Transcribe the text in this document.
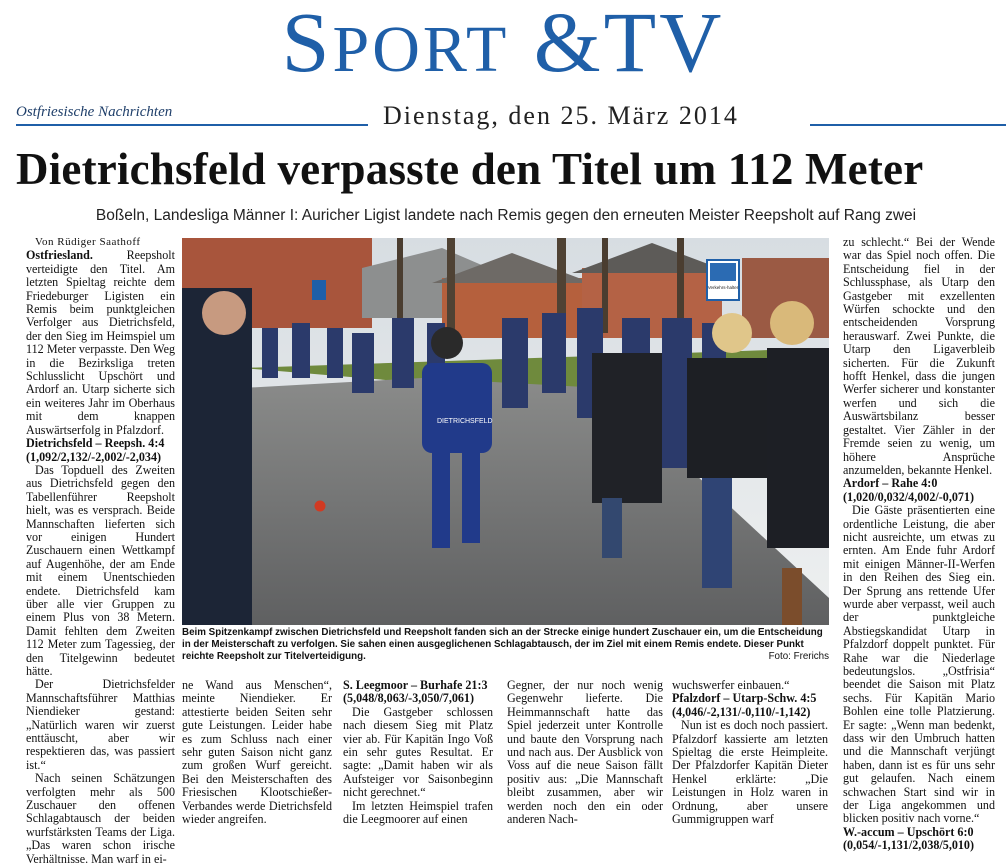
SPORT &TV
Ostfriesische Nachrichten	Dienstag, den 25. März 2014
Dietrichsfeld verpasste den Titel um 112 Meter
Boßeln, Landesliga Männer I: Auricher Ligist landete nach Remis gegen den erneuten Meister Reepsholt auf Rang zwei

Von Rüdiger Saathoff

Ostfriesland. Reepsholt verteidigte den Titel. Am letzten Spieltag reichte dem Friedeburger Ligisten ein Remis beim punktgleichen Verfolger aus Dietrichsfeld, der den Sieg im Heimspiel um 112 Meter verpasste. Den Weg in die Bezirksliga treten Schlusslicht Upschört und Ardorf an. Utarp sicherte sich ein weiteres Jahr im Oberhaus mit dem knappen Auswärtserfolg in Pfalzdorf.

Dietrichsfeld – Reepsh. 4:4

(1,092/2,132/-2,002/-2,034)

Das Topduell des Zweiten aus Dietrichsfeld gegen den Tabellenführer Reepsholt hielt, was es versprach. Beide Mannschaften lieferten sich vor einigen Hundert Zuschauern einen Wettkampf auf Augenhöhe, der am Ende mit einem Unentschieden endete. Dietrichsfeld kam über alle vier Gruppen zu einem Plus von 38 Metern. Damit fehlten dem Zweiten 112 Meter zum Tagessieg, der den Titelgewinn bedeutet hätte.

Der Dietrichsfelder Mannschaftsführer Matthias Niendieker gestand: „Natürlich waren wir zuerst enttäuscht, aber wir respektieren das, was passiert ist.“

Nach seinen Schätzungen verfolgten mehr als 500 Zuschauer den offenen Schlagabtausch der beiden wurfstärksten Teams der Liga. „Das waren schon irische Verhältnisse. Man warf in ei-

DIETRICHSFELD
Verkehrs-halter
Beim Spitzenkampf zwischen Dietrichsfeld und Reepsholt fanden sich an der Strecke einige hundert Zuschauer ein, um die Entscheidung in der Meisterschaft zu verfolgen. Sie sahen einen ausgeglichenen Schlagabtausch, der im Ziel mit einem Remis endete. Dieser Punkt reichte Reepsholt zur Titelverteidigung.	Foto: Frerichs

ne Wand aus Menschen“, meinte Niendieker. Er attestierte beiden Seiten sehr gute Leistungen. Leider habe es zum Schluss nach einer sehr guten Saison nicht ganz zum großen Wurf gereicht. Bei den Meisterschaften des Friesischen Klootschießer-Verbandes werde Dietrichsfeld wieder angreifen.

S. Leegmoor – Burhafe 21:3

(5,048/8,063/-3,050/7,061)

Die Gastgeber schlossen nach diesem Sieg mit Platz vier ab. Für Kapitän Ingo Voß ein sehr gutes Resultat. Er sagte: „Damit haben wir als Aufsteiger vor Saisonbeginn nicht gerechnet.“

Im letzten Heimspiel trafen die Leegmoorer auf einen

Gegner, der nur noch wenig Gegenwehr lieferte. Die Heimmannschaft hatte das Spiel jederzeit unter Kontrolle und baute den Vorsprung nach und nach aus. Der Ausblick von Voss auf die neue Saison fällt positiv aus: „Die Mannschaft bleibt zusammen, aber wir werden noch den ein oder anderen Nach-

wuchswerfer einbauen.“

Pfalzdorf – Utarp-Schw. 4:5

(4,046/-2,131/-0,110/-1,142)

Nun ist es doch noch passiert. Pfalzdorf kassierte am letzten Spieltag die erste Heimpleite. Der Pfalzdorfer Kapitän Dieter Henkel erklärte: „Die Leistungen in Holz waren in Ordnung, aber unsere Gummigruppen warf

zu schlecht.“ Bei der Wende war das Spiel noch offen. Die Entscheidung fiel in der Schlussphase, als Utarp den Gastgeber mit exzellenten Würfen schockte und den entscheidenden Vorsprung herauswarf. Zwei Punkte, die Utarp den Ligaverbleib sicherten. Für die Zukunft hofft Henkel, dass die jungen Werfer sicherer und konstanter werfen und sich die Auswärtsbilanz besser gestaltet. Vier Zähler in der Fremde seien zu wenig, um höhere Ansprüche anzumelden, bekannte Henkel.

Ardorf – Rahe 4:0

(1,020/0,032/4,002/-0,071)

Die Gäste präsentierten eine ordentliche Leistung, die aber nicht ausreichte, um etwas zu ernten. Am Ende fuhr Ardorf mit einigen Männer-II-Werfen in den Reihen des Sieg ein. Der Sprung ans rettende Ufer wurde aber verpasst, weil auch der punktgleiche Abstiegskandidat Utarp in Pfalzdorf doppelt punktet. Für Rahe war die Niederlage bedeutungslos. „Ostfrisia“ beendet die Saison mit Platz sechs. Für Kapitän Mario Bohlen eine tolle Platzierung. Er sagte: „Wenn man bedenkt, dass wir den Umbruch hatten und die Mannschaft verjüngt haben, dann ist es für uns sehr gut gelaufen. Nach einem schwachen Start sind wir in der Liga angekommen und blicken positiv nach vorne.“

W.-accum – Upschört 6:0

(0,054/-1,131/2,038/5,010)
